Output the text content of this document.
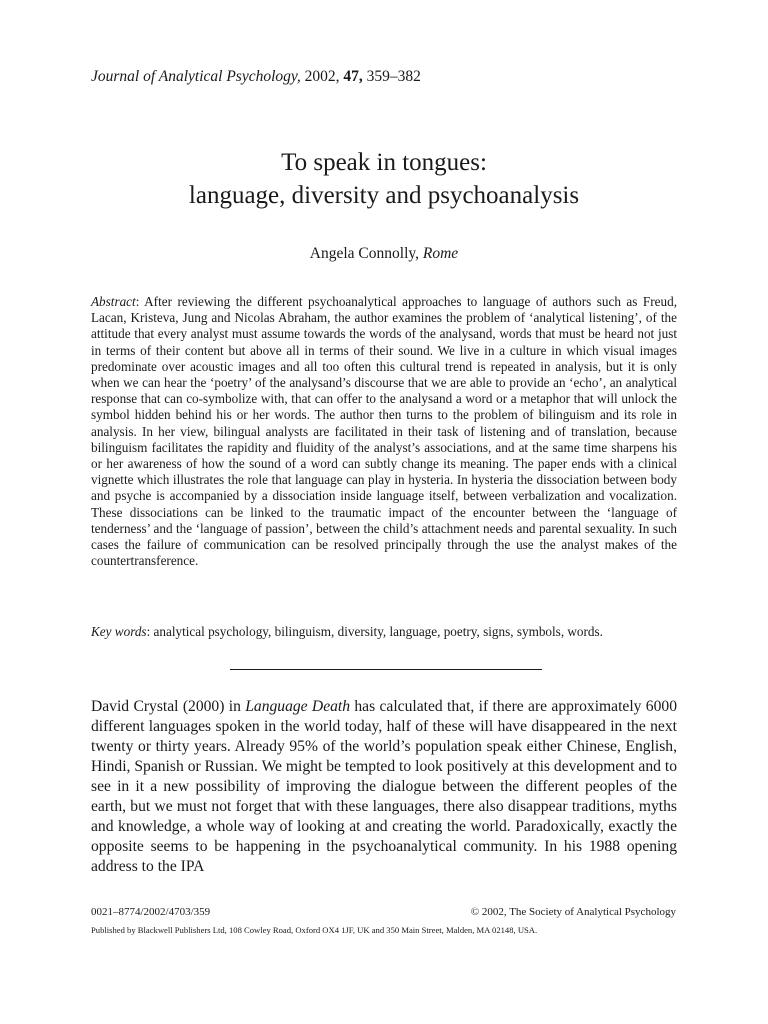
Journal of Analytical Psychology, 2002, 47, 359–382
To speak in tongues:
language, diversity and psychoanalysis
Angela Connolly, Rome

Abstract: After reviewing the different psychoanalytical approaches to language of authors such as Freud, Lacan, Kristeva, Jung and Nicolas Abraham, the author examines the problem of ‘analytical listening’, of the attitude that every analyst must assume towards the words of the analysand, words that must be heard not just in terms of their content but above all in terms of their sound. We live in a culture in which visual images predominate over acoustic images and all too often this cultural trend is repeated in analysis, but it is only when we can hear the ‘poetry’ of the analysand’s discourse that we are able to provide an ‘echo’, an analytical response that can co-symbolize with, that can offer to the analysand a word or a metaphor that will unlock the symbol hidden behind his or her words. The author then turns to the problem of bilinguism and its role in analysis. In her view, bilingual analysts are facilitated in their task of listening and of translation, because bilinguism facilitates the rapidity and fluidity of the analyst’s associations, and at the same time sharpens his or her awareness of how the sound of a word can subtly change its meaning. The paper ends with a clinical vignette which illustrates the role that language can play in hysteria. In hysteria the dissociation between body and psyche is accompanied by a dissociation inside language itself, between verbalization and vocalization. These dissociations can be linked to the traumatic impact of the encounter between the ‘language of tenderness’ and the ‘language of passion’, between the child’s attachment needs and parental sexuality. In such cases the failure of communication can be resolved principally through the use the analyst makes of the countertransference.

Key words: analytical psychology, bilinguism, diversity, language, poetry, signs, symbols, words.

David Crystal (2000) in Language Death has calculated that, if there are approximately 6000 different languages spoken in the world today, half of these will have disappeared in the next twenty or thirty years. Already 95% of the world’s population speak either Chinese, English, Hindi, Spanish or Russian. We might be tempted to look positively at this development and to see in it a new possibility of improving the dialogue between the different peoples of the earth, but we must not forget that with these languages, there also disappear traditions, myths and knowledge, a whole way of looking at and creating the world. Paradoxically, exactly the opposite seems to be happening in the psychoanalytical community. In his 1988 opening address to the IPA

0021–8774/2002/4703/359	© 2002, The Society of Analytical Psychology
Published by Blackwell Publishers Ltd, 108 Cowley Road, Oxford OX4 1JF, UK and 350 Main Street, Malden, MA 02148, USA.
